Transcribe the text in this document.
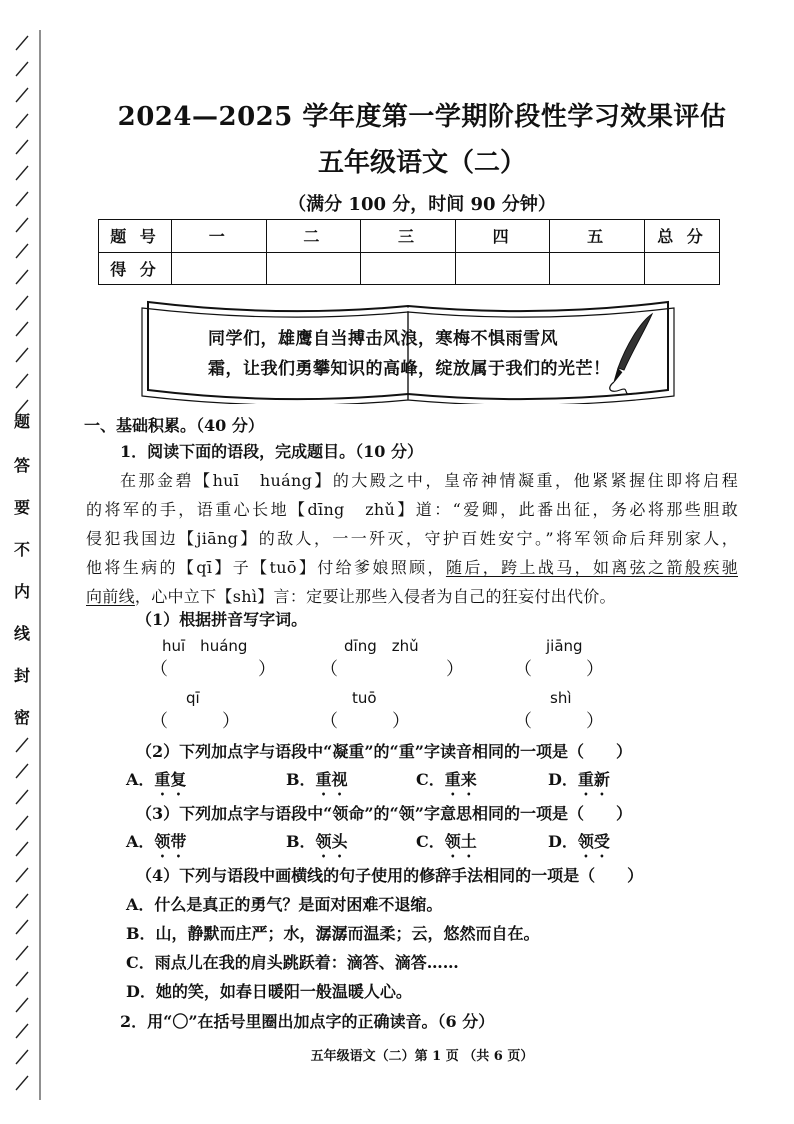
题
答
要
不
内
线
封
密
2024—2025 学年度第一学期阶段性学习效果评估
五年级语文（二）
（满分 100 分，时间 90 分钟）
题 号	一	二	三	四	五	总 分
得 分						
同学们，雄鹰自当搏击风浪，寒梅不惧雨雪风
霜，让我们勇攀知识的高峰，绽放属于我们的光芒！
一、基础积累。（40 分）
1．阅读下面的语段，完成题目。（10 分）
在那金碧【huī　huáng】的大殿之中，皇帝神情凝重，他紧紧握住即将启程
的将军的手，语重心长地【dīng　zhǔ】道：“爱卿，此番出征，务必将那些胆敢
侵犯我国边【jiāng】的敌人，一一歼灭，守护百姓安宁。”将军领命后拜别家人，
他将生病的【qī】子【tuō】付给爹娘照顾，随后，跨上战马，如离弦之箭般疾驰
向前线，心中立下【shì】言：定要让那些入侵者为自己的狂妄付出代价。
（1）根据拼音写字词。
huī　huáng	dīng　zhǔ	jiāng
（　　　　　） （　　　　　　）	（　　　）
qī	tuō	shì
（　　　）	（　　　）	（　　　）
（2）下列加点字与语段中“凝重”的“重”字读音相同的一项是（　　）
A．重复	B．重视	C．重来	D．重新
（3）下列加点字与语段中“领命”的“领”字意思相同的一项是（　　）
A．领带	B．领头	C．领土	D．领受
（4）下列与语段中画横线的句子使用的修辞手法相同的一项是（　　）
A．什么是真正的勇气？是面对困难不退缩。
B．山，静默而庄严；水，潺潺而温柔；云，悠然而自在。
C．雨点儿在我的肩头跳跃着：滴答、滴答……
D．她的笑，如春日暖阳一般温暖人心。
2．用“〇”在括号里圈出加点字的正确读音。（6 分）
五年级语文（二）第 1 页 （共 6 页）
